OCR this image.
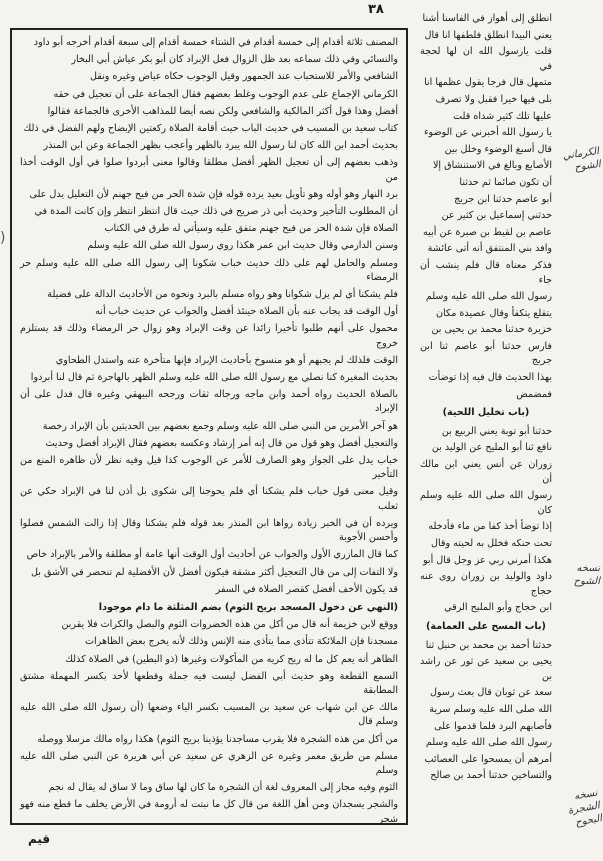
٣٨

المصنف ثلاثة أقدام إلى خمسة أقدام في الشتاء خمسة أقدام إلى سبعة أقدام أخرجه أبو داود

والنسائي وفي ذلك سماعه بعد ظل الزوال فعل الإبراد كان أبو بكر عياش أبي البخار

الشافعي والأمر للاستحباب عند الجمهور وقيل الوجوب حكاه عياض وغيره ونقل

الكرماني الإجماع على عدم الوجوب وغلط بعضهم فقال الجماعة على أن تعجيل في حقه

أفضل وهذا قول أكثر المالكية والشافعي ولكن نصه أيضا للمذاهب الأخرى فالجماعة فقالوا

كتاب سعيد بن المسيب في حديث الباب حيث أقامة الصلاة ركعتين الإيضاح ولهم الفضل في ذلك

بحديث أحمد ابن الله كان لنا رسول الله يبرد بالظهر وأعجب بظهر الجماعة وعن ابن المنذر

وذهب بعضهم إلى أن تعجيل الظهر أفضل مطلقا وقالوا معنى أبردوا صلوا في أول الوقت أخذا من

برد النهار وهو أوله وهو تأويل بعيد يرده قوله فإن شدة الحر من فيح جهنم لأن التعليل يدل على

أن المطلوب التأخير وحديث أبي ذر صريح في ذلك حيث قال انتظر انتظر وإن كانت المدة في

الصلاة فإن شدة الحر من فيح جهنم متفق عليه وسيأتي له طرق في الكتاب

وسنن الدارمي وقال حديث ابن عمر هكذا روي رسول الله صلى الله عليه وسلم

ومسلم والحامل لهم على ذلك حديث خباب شكونا إلى رسول الله صلى الله عليه وسلم حر الرمضاء

فلم يشكنا أي لم يزل شكوانا وهو رواه مسلم بالبرد ونحوه من الأحاديث الدالة على فضيلة

أول الوقت قد يجاب عنه بأن الصلاة حينئذ أفضل والجواب عن حديث خباب أنه

محمول على أنهم طلبوا تأخيرا زائدا عن وقت الإبراد وهو زوال حر الرمضاء وذلك قد يستلزم خروج

الوقت فلذلك لم يجبهم أو هو منسوخ بأحاديث الإبراد فإنها متأخرة عنه واستدل الطحاوي

بحديث المغيرة كنا نصلي مع رسول الله صلى الله عليه وسلم الظهر بالهاجرة ثم قال لنا أبردوا

بالصلاة الحديث رواه أحمد وابن ماجه ورجاله ثقات ورجحه البيهقي وغيره قال فدل على أن الإبراد

هو آخر الأمرين من النبي صلى الله عليه وسلم وجمع بعضهم بين الحديثين بأن الإبراد رخصة

والتعجيل أفضل وهو قول من قال إنه أمر إرشاد وعكسه بعضهم فقال الإبراد أفضل وحديث

خباب يدل على الجواز وهو الصارف للأمر عن الوجوب كذا قيل وفيه نظر لأن ظاهره المنع من التأخير

وقيل معنى قول خباب فلم يشكنا أي فلم يحوجنا إلى شكوى بل أذن لنا في الإبراد حكي عن ثعلب

ويرده أن في الخبر زيادة رواها ابن المنذر بعد قوله فلم يشكنا وقال إذا زالت الشمس فصلوا وأحسن الأجوبة

كما قال المازري الأول والجواب عن أحاديث أول الوقت أنها عامة أو مطلقة والأمر بالإبراد خاص

ولا التفات إلى من قال التعجيل أكثر مشقة فيكون أفضل لأن الأفضلية لم تنحصر في الأشق بل

قد يكون الأخف أفضل كقصر الصلاة في السفر

(النهي عن دخول المسجد بريح الثوم) بضم المثلثة ما دام موجودا

ووقع لابن خزيمة أنه قال من أكل من هذه الخضروات الثوم والبصل والكراث فلا يقربن

مسجدنا فإن الملائكة تتأذى مما يتأذى منه الإنس وذلك لأنه يخرج بعض الظاهرات

الظاهر أنه يعم كل ما له ريح كريه من المأكولات وغيرها (ذو البطين) في الصلاة كذلك

السمع القطعة وهو حديث أبي الفضل ليست فيه جملة وقطعها لأحد بكسر المهملة مشتق المطابقة

مالك عن ابن شهاب عن سعيد بن المسيب بكسر الياء وضعها (أن رسول الله صلى الله عليه وسلم قال

من أكل من هذه الشجرة فلا يقرب مساجدنا يؤذينا بريح الثوم) هكذا رواه مالك مرسلا ووصله

مسلم من طريق معمر وغيره عن الزهري عن سعيد عن أبي هريرة عن النبي صلى الله عليه وسلم

الثوم وفيه مجاز إلى المعروف لغة أن الشجرة ما كان لها ساق وما لا ساق له يقال له نجم

والشجر يسجدان ومن أهل اللغة من قال كل ما نبتت له أرومة في الأرض يخلف ما قطع منه فهو شجر

انطلق إلى أهواز في الفاسنا أشنا

يعني البيدا انطلق فلطفها انا قال

قلت يارسول الله ان لها لحجة في

متمهل قال فرجا يقول عظمها انا

بلى فيها خيرا فقبل ولا تصرف

عليها تلك كثير شداه قلت

يا رسول الله أخبرني عن الوضوء

قال أسبغ الوضوء وخلل بين

الأصابع وبالغ في الاستنشاق إلا

أن تكون صائما ثم حدثنا

أبو عاصم حدثنا ابن جريج

حدثني إسماعيل بن كثير عن

عاصم بن لقيط بن صبرة عن أبيه

وافد بني المنتفق أنه أتى عائشة

فذكر معناه قال فلم ينشب أن جاء

رسول الله صلى الله عليه وسلم

يتقلع يتكفأ وقال عصيدة مكان

خزيرة حدثنا محمد بن يحيى بن

فارس حدثنا أبو عاصم ثنا ابن جريج

بهذا الحديث قال فيه إذا توضأت

فمضمض

(باب تخليل اللحية)

حدثنا أبو توبة يعني الربيع بن

نافع ثنا أبو المليح عن الوليد بن

زوران عن أنس يعني ابن مالك أن

رسول الله صلى الله عليه وسلم كان

إذا توضأ أخذ كفا من ماء فأدخله

تحت حنكه فخلل به لحيته وقال

هكذا أمرني ربي عز وجل قال أبو

داود والوليد بن زوران روى عنه حجاج

ابن حجاج وأبو المليح الرقي

(باب المسح على العمامة)

حدثنا أحمد بن محمد بن حنبل ثنا

يحيى بن سعيد عن ثور عن راشد بن

سعد عن ثوبان قال بعث رسول

الله صلى الله عليه وسلم سرية

فأصابهم البرد فلما قدموا على

رسول الله صلى الله عليه وسلم

أمرهم أن يمسحوا على العصائب

والتساخين حدثنا أحمد بن صالح

الكرماني الشوح
نسخه الشوح
نسخه الشجرة البحوح
)
قيم
